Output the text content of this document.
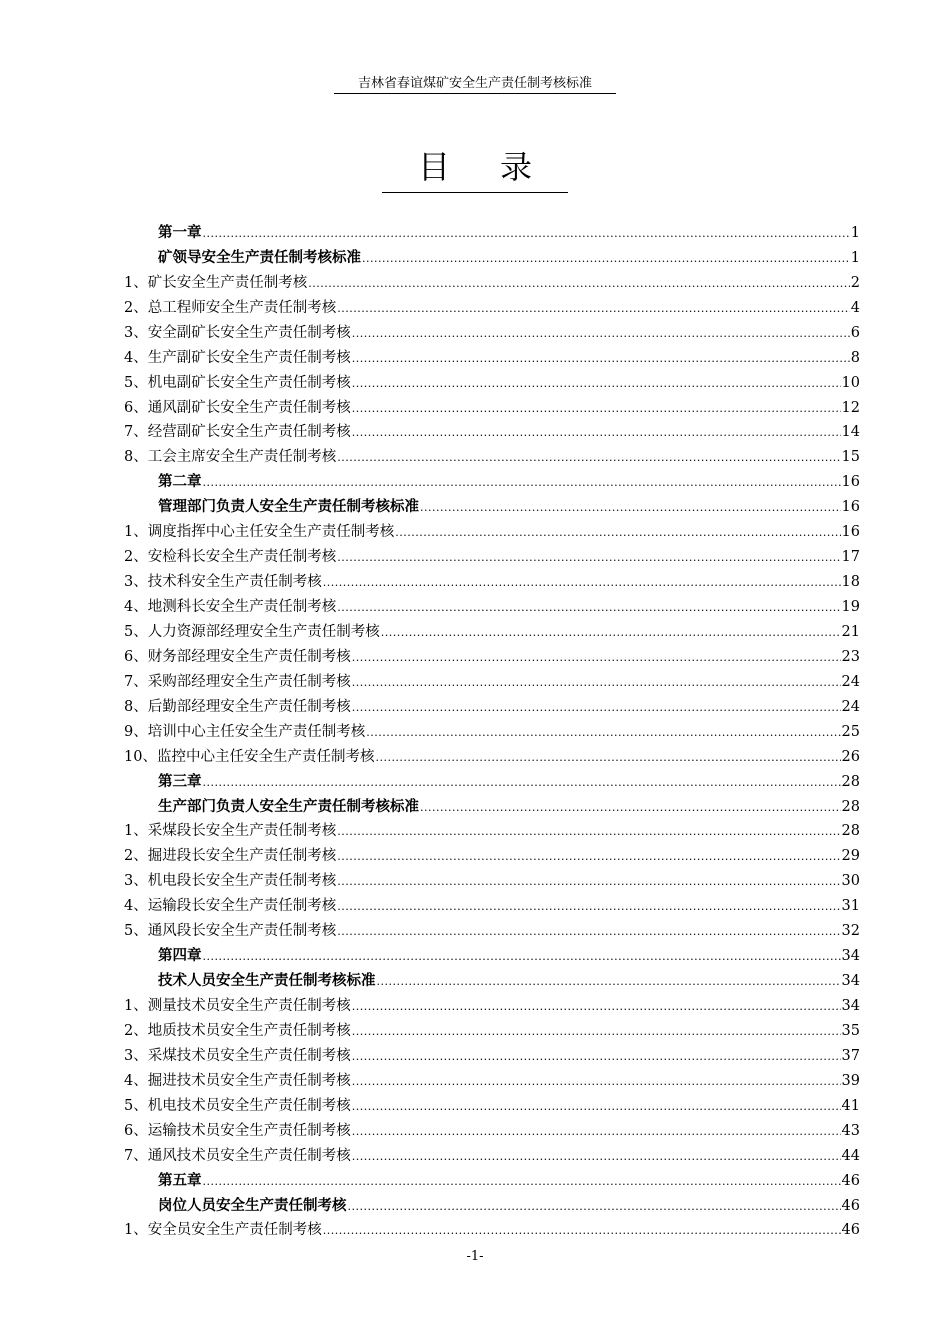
吉林省春谊煤矿安全生产责任制考核标准
目 录
第一章 .....	1
矿领导安全生产责任制考核标准 .....	1
1、矿长安全生产责任制考核 .....	2
2、总工程师安全生产责任制考核 .....	4
3、安全副矿长安全生产责任制考核 .....	6
4、生产副矿长安全生产责任制考核 .....	8
5、机电副矿长安全生产责任制考核 .....	10
6、通风副矿长安全生产责任制考核 .....	12
7、经营副矿长安全生产责任制考核 .....	14
8、工会主席安全生产责任制考核 .....	15
第二章 .....	16
管理部门负责人安全生产责任制考核标准 .....	16
1、调度指挥中心主任安全生产责任制考核 .....	16
2、安检科长安全生产责任制考核 .....	17
3、技术科安全生产责任制考核 .....	18
4、地测科长安全生产责任制考核 .....	19
5、人力资源部经理安全生产责任制考核 .....	21
6、财务部经理安全生产责任制考核 .....	23
7、采购部经理安全生产责任制考核 .....	24
8、后勤部经理安全生产责任制考核 .....	24
9、培训中心主任安全生产责任制考核 .....	25
10、监控中心主任安全生产责任制考核 .....	26
第三章 .....	28
生产部门负责人安全生产责任制考核标准 .....	28
1、采煤段长安全生产责任制考核 .....	28
2、掘进段长安全生产责任制考核 .....	29
3、机电段长安全生产责任制考核 .....	30
4、运输段长安全生产责任制考核 .....	31
5、通风段长安全生产责任制考核 .....	32
第四章 .....	34
技术人员安全生产责任制考核标准 .....	34
1、测量技术员安全生产责任制考核 .....	34
2、地质技术员安全生产责任制考核 .....	35
3、采煤技术员安全生产责任制考核 .....	37
4、掘进技术员安全生产责任制考核 .....	39
5、机电技术员安全生产责任制考核 .....	41
6、运输技术员安全生产责任制考核 .....	43
7、通风技术员安全生产责任制考核 .....	44
第五章 .....	46
岗位人员安全生产责任制考核 .....	46
1、安全员安全生产责任制考核 .....	46
-1-
